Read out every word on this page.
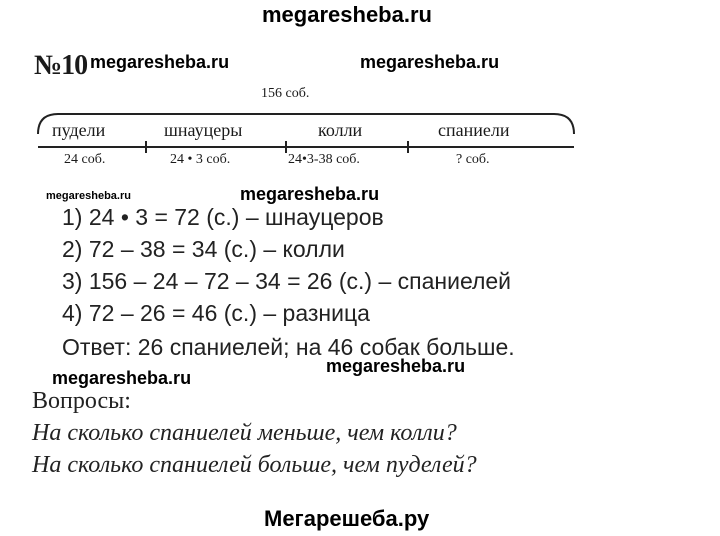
megaresheba.ru
№10 megaresheba.ru	megaresheba.ru
156 соб.
пудели	шнауцеры	колли	спаниели
24 соб.	24 • 3 соб.	24•3-38 соб.	? соб.
megaresheba.ru	megaresheba.ru
1) 24 • 3 = 72 (с.) – шнауцеров
2) 72 – 38 = 34 (с.) – колли
3) 156 – 24 – 72 – 34 = 26 (с.) – спаниелей
4) 72 – 26 = 46 (с.) – разница
Ответ: 26 спаниелей; на 46 собак больше.
megaresheba.ru
megaresheba.ru
Вопросы:
На сколько спаниелей меньше, чем колли?
На сколько спаниелей больше, чем пуделей?
Мегарешеба.ру
